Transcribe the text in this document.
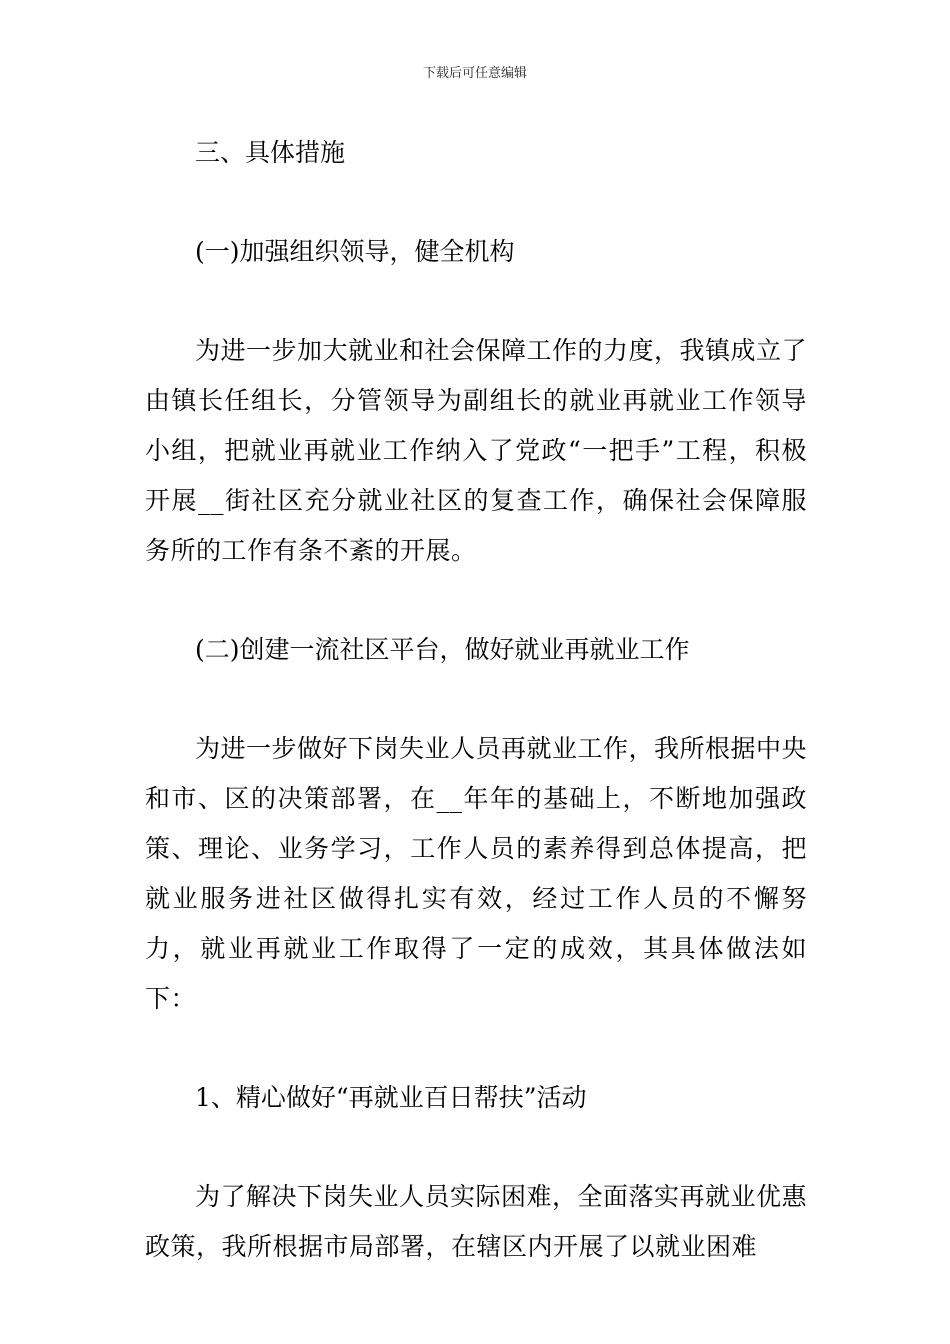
下载后可任意编辑
三、具体措施
(一)加强组织领导，健全机构

为进一步加大就业和社会保障工作的力度，我镇成立了由镇长任组长，分管领导为副组长的就业再就业工作领导小组，把就业再就业工作纳入了党政“一把手”工程，积极开展__街社区充分就业社区的复查工作，确保社会保障服务所的工作有条不紊的开展。

(二)创建一流社区平台，做好就业再就业工作

为进一步做好下岗失业人员再就业工作，我所根据中央和市、区的决策部署，在__年年的基础上，不断地加强政策、理论、业务学习，工作人员的素养得到总体提高，把就业服务进社区做得扎实有效，经过工作人员的不懈努力，就业再就业工作取得了一定的成效，其具体做法如下：

1、精心做好“再就业百日帮扶”活动

为了解决下岗失业人员实际困难，全面落实再就业优惠政策，我所根据市局部署，在辖区内开展了以就业困难
